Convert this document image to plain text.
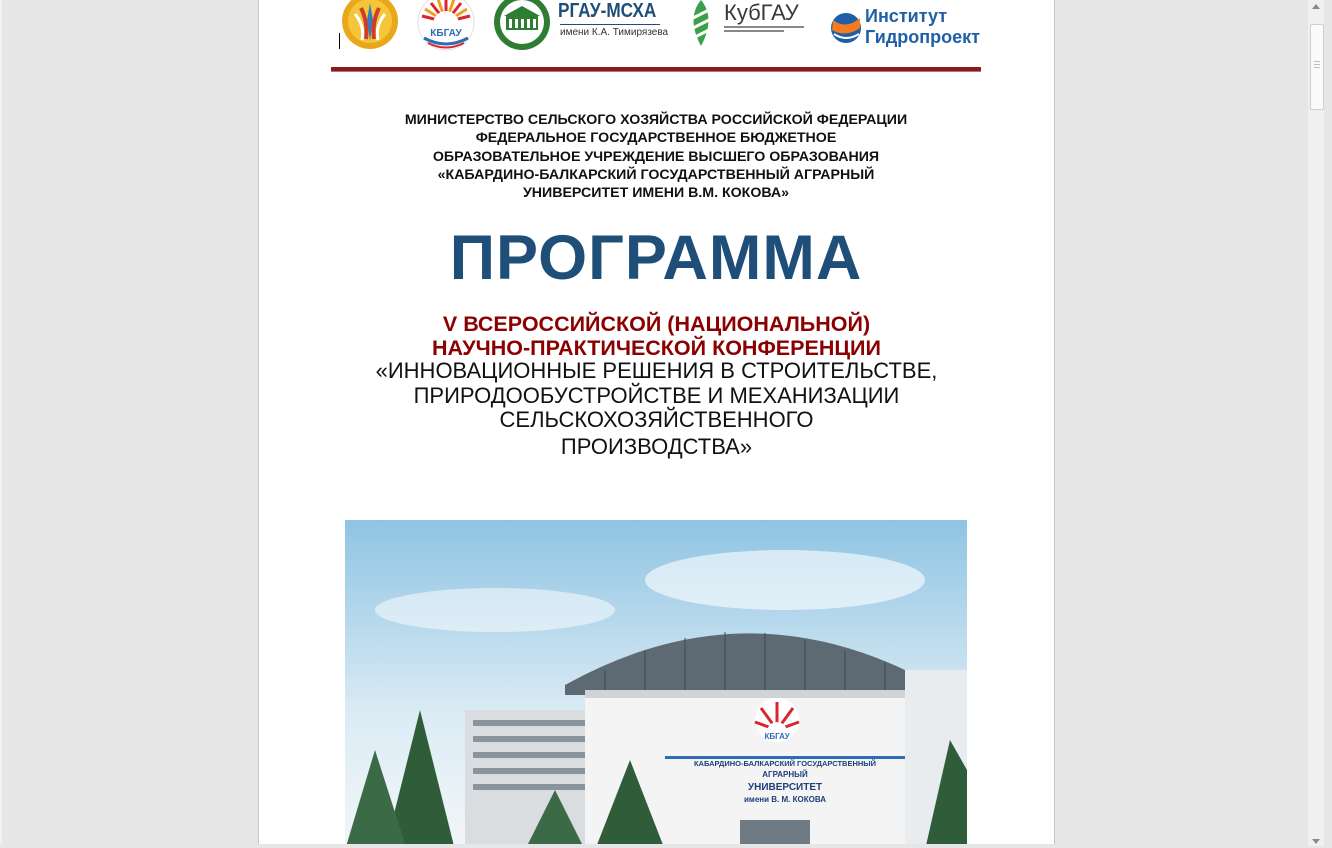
КБГАУ
РГАУ-МСХА
имени К.А. Тимирязева
КубГАУ	Институт
Гидропроект
МИНИСТЕРСТВО СЕЛЬСКОГО ХОЗЯЙСТВА РОССИЙСКОЙ ФЕДЕРАЦИИ
ФЕДЕРАЛЬНОЕ ГОСУДАРСТВЕННОЕ БЮДЖЕТНОЕ
ОБРАЗОВАТЕЛЬНОЕ УЧРЕЖДЕНИЕ ВЫСШЕГО ОБРАЗОВАНИЯ
«КАБАРДИНО-БАЛКАРСКИЙ ГОСУДАРСТВЕННЫЙ АГРАРНЫЙ
УНИВЕРСИТЕТ ИМЕНИ В.М. КОКОВА»
ПРОГРАММА
V ВСЕРОССИЙСКОЙ (НАЦИОНАЛЬНОЙ)
НАУЧНО-ПРАКТИЧЕСКОЙ КОНФЕРЕНЦИИ
«ИННОВАЦИОННЫЕ РЕШЕНИЯ В СТРОИТЕЛЬСТВЕ,
ПРИРОДООБУСТРОЙСТВЕ И МЕХАНИЗАЦИИ
СЕЛЬСКОХОЗЯЙСТВЕННОГО
ПРОИЗВОДСТВА»
КБГАУ
КАБАРДИНО-БАЛКАРСКИЙ ГОСУДАРСТВЕННЫЙ
АГРАРНЫЙ
УНИВЕРСИТЕТ
имени В. М. КОКОВА
